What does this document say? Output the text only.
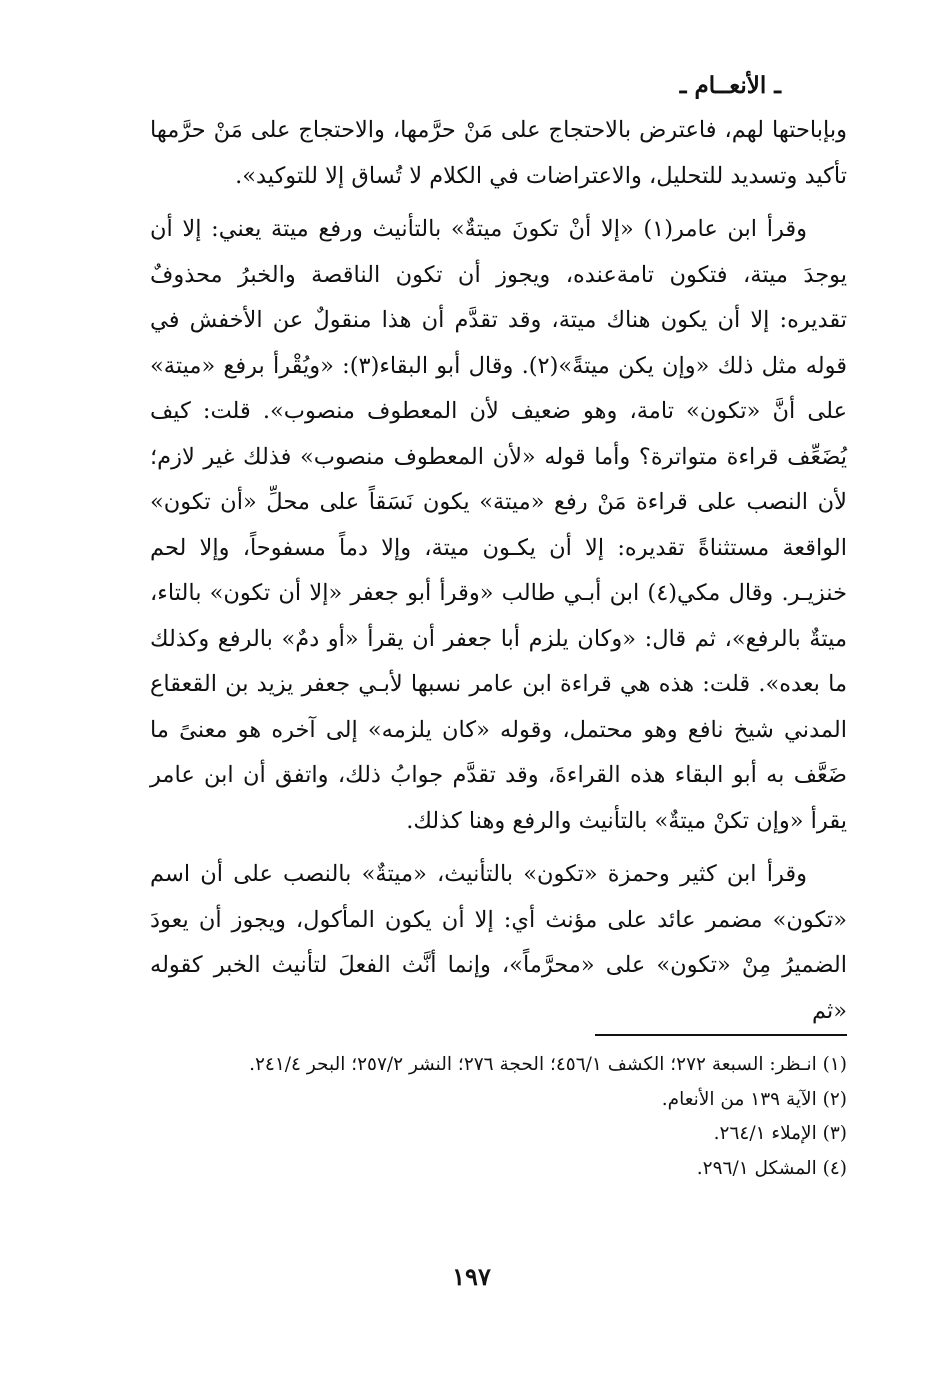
ـ الأنعــام ـ

وبإباحتها لهم، فاعترض بالاحتجاج على مَنْ حرَّمها، والاحتجاج على مَنْ حرَّمها تأكيد وتسديد للتحليل، والاعتراضات في الكلام لا تُساق إلا للتوكيد».

وقرأ ابن عامر(١) «إلا أنْ تكونَ ميتةٌ» بالتأنيث ورفع ميتة يعني: إلا أن يوجدَ ميتة، فتكون تامةعنده، ويجوز أن تكون الناقصة والخبرُ محذوفٌ تقديره: إلا أن يكون هناك ميتة، وقد تقدَّم أن هذا منقولٌ عن الأخفش في قوله مثل ذلك «وإن يكن ميتةً»(٢). وقال أبو البقاء(٣): «ويُقْرأ برفع «ميتة» على أنَّ «تكون» تامة، وهو ضعيف لأن المعطوف منصوب». قلت: كيف يُضَعِّف قراءة متواترة؟ وأما قوله «لأن المعطوف منصوب» فذلك غير لازم؛ لأن النصب على قراءة مَنْ رفع «ميتة» يكون نَسَقاً على محلِّ «أن تكون» الواقعة مستثناةً تقديره: إلا أن يكـون ميتة، وإلا دماً مسفوحاً، وإلا لحم خنزيـر. وقال مكي(٤) ابن أبـي طالب «وقرأ أبو جعفر «إلا أن تكون» بالتاء، ميتةٌ بالرفع»، ثم قال: «وكان يلزم أبا جعفر أن يقرأ «أو دمٌ» بالرفع وكذلك ما بعده». قلت: هذه هي قراءة ابن عامر نسبها لأبـي جعفر يزيد بن القعقاع المدني شيخ نافع وهو محتمل، وقوله «كان يلزمه» إلى آخره هو معنىً ما ضَعَّف به أبو البقاء هذه القراءةَ، وقد تقدَّم جوابُ ذلك، واتفق أن ابن عامر يقرأ «وإن تكنْ ميتةٌ» بالتأنيث والرفع وهنا كذلك.

وقرأ ابن كثير وحمزة «تكون» بالتأنيث، «ميتةٌ» بالنصب على أن اسم «تكون» مضمر عائد على مؤنث أي: إلا أن يكون المأكول، ويجوز أن يعودَ الضميرُ مِنْ «تكون» على «محرَّماً»، وإنما أنَّث الفعلَ لتأنيث الخبر كقوله «ثم

(١) انـظر: السبعة ٢٧٢؛ الكشف ٤٥٦/١؛ الحجة ٢٧٦؛ النشر ٢٥٧/٢؛ البحر ٢٤١/٤.
(٢) الآية ١٣٩ من الأنعام.
(٣) الإملاء ٢٦٤/١.
(٤) المشكل ٢٩٦/١.
١٩٧
